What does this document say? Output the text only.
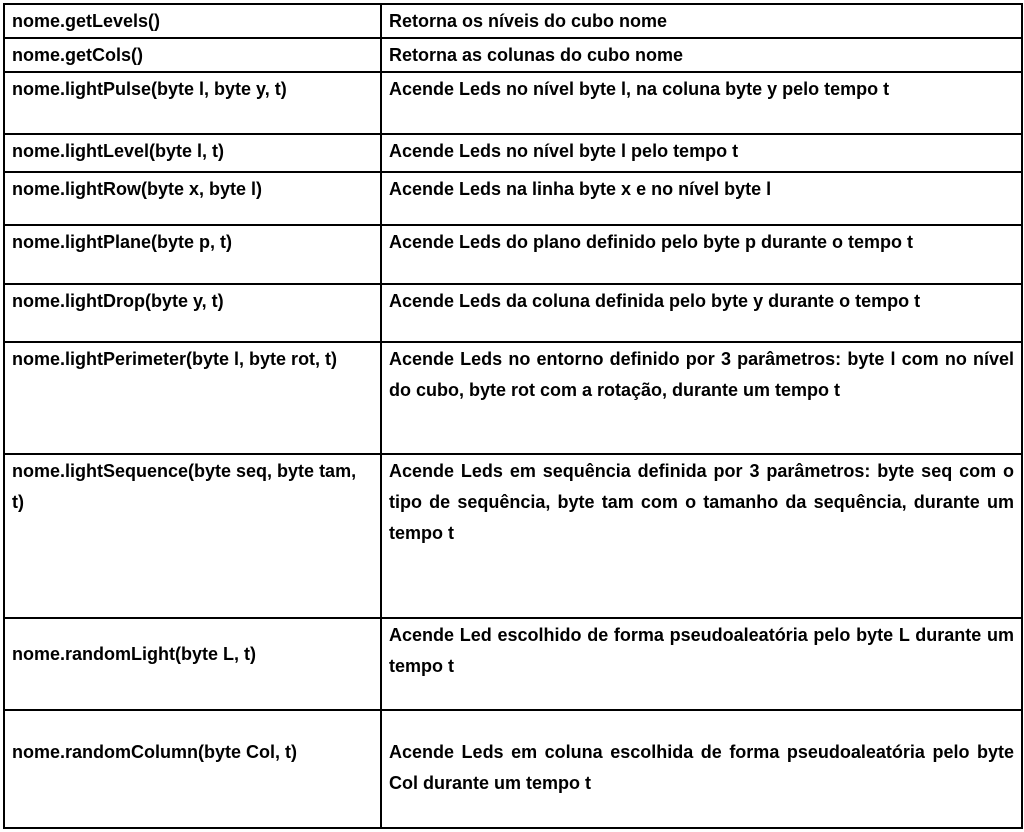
nome.getLevels()	Retorna os níveis do cubo nome
nome.getCols()	Retorna as colunas do cubo nome
nome.lightPulse(byte l, byte y, t)	Acende Leds no nível byte l, na coluna byte y pelo tempo t
nome.lightLevel(byte l, t)	Acende Leds no nível byte l pelo tempo t
nome.lightRow(byte x, byte l)	Acende Leds na linha byte x e no nível byte l
nome.lightPlane(byte p, t)	Acende Leds do plano definido pelo byte p durante o tempo t
nome.lightDrop(byte y, t)	Acende Leds da coluna definida pelo byte y durante o tempo t
nome.lightPerimeter(byte l, byte rot, t)	Acende Leds no entorno definido por 3 parâmetros: byte l com no nível do cubo, byte rot com a rotação, durante um tempo t
nome.lightSequence(byte seq, byte tam, t)	Acende Leds em sequência definida por 3 parâmetros: byte seq com o tipo de sequência, byte tam com o tamanho da sequência, durante um tempo t
nome.randomLight(byte L, t)	Acende Led escolhido de forma pseudoaleatória pelo byte L durante um tempo t
nome.randomColumn(byte Col, t)	Acende Leds em coluna escolhida de forma pseudoaleatória pelo byte Col durante um tempo t
